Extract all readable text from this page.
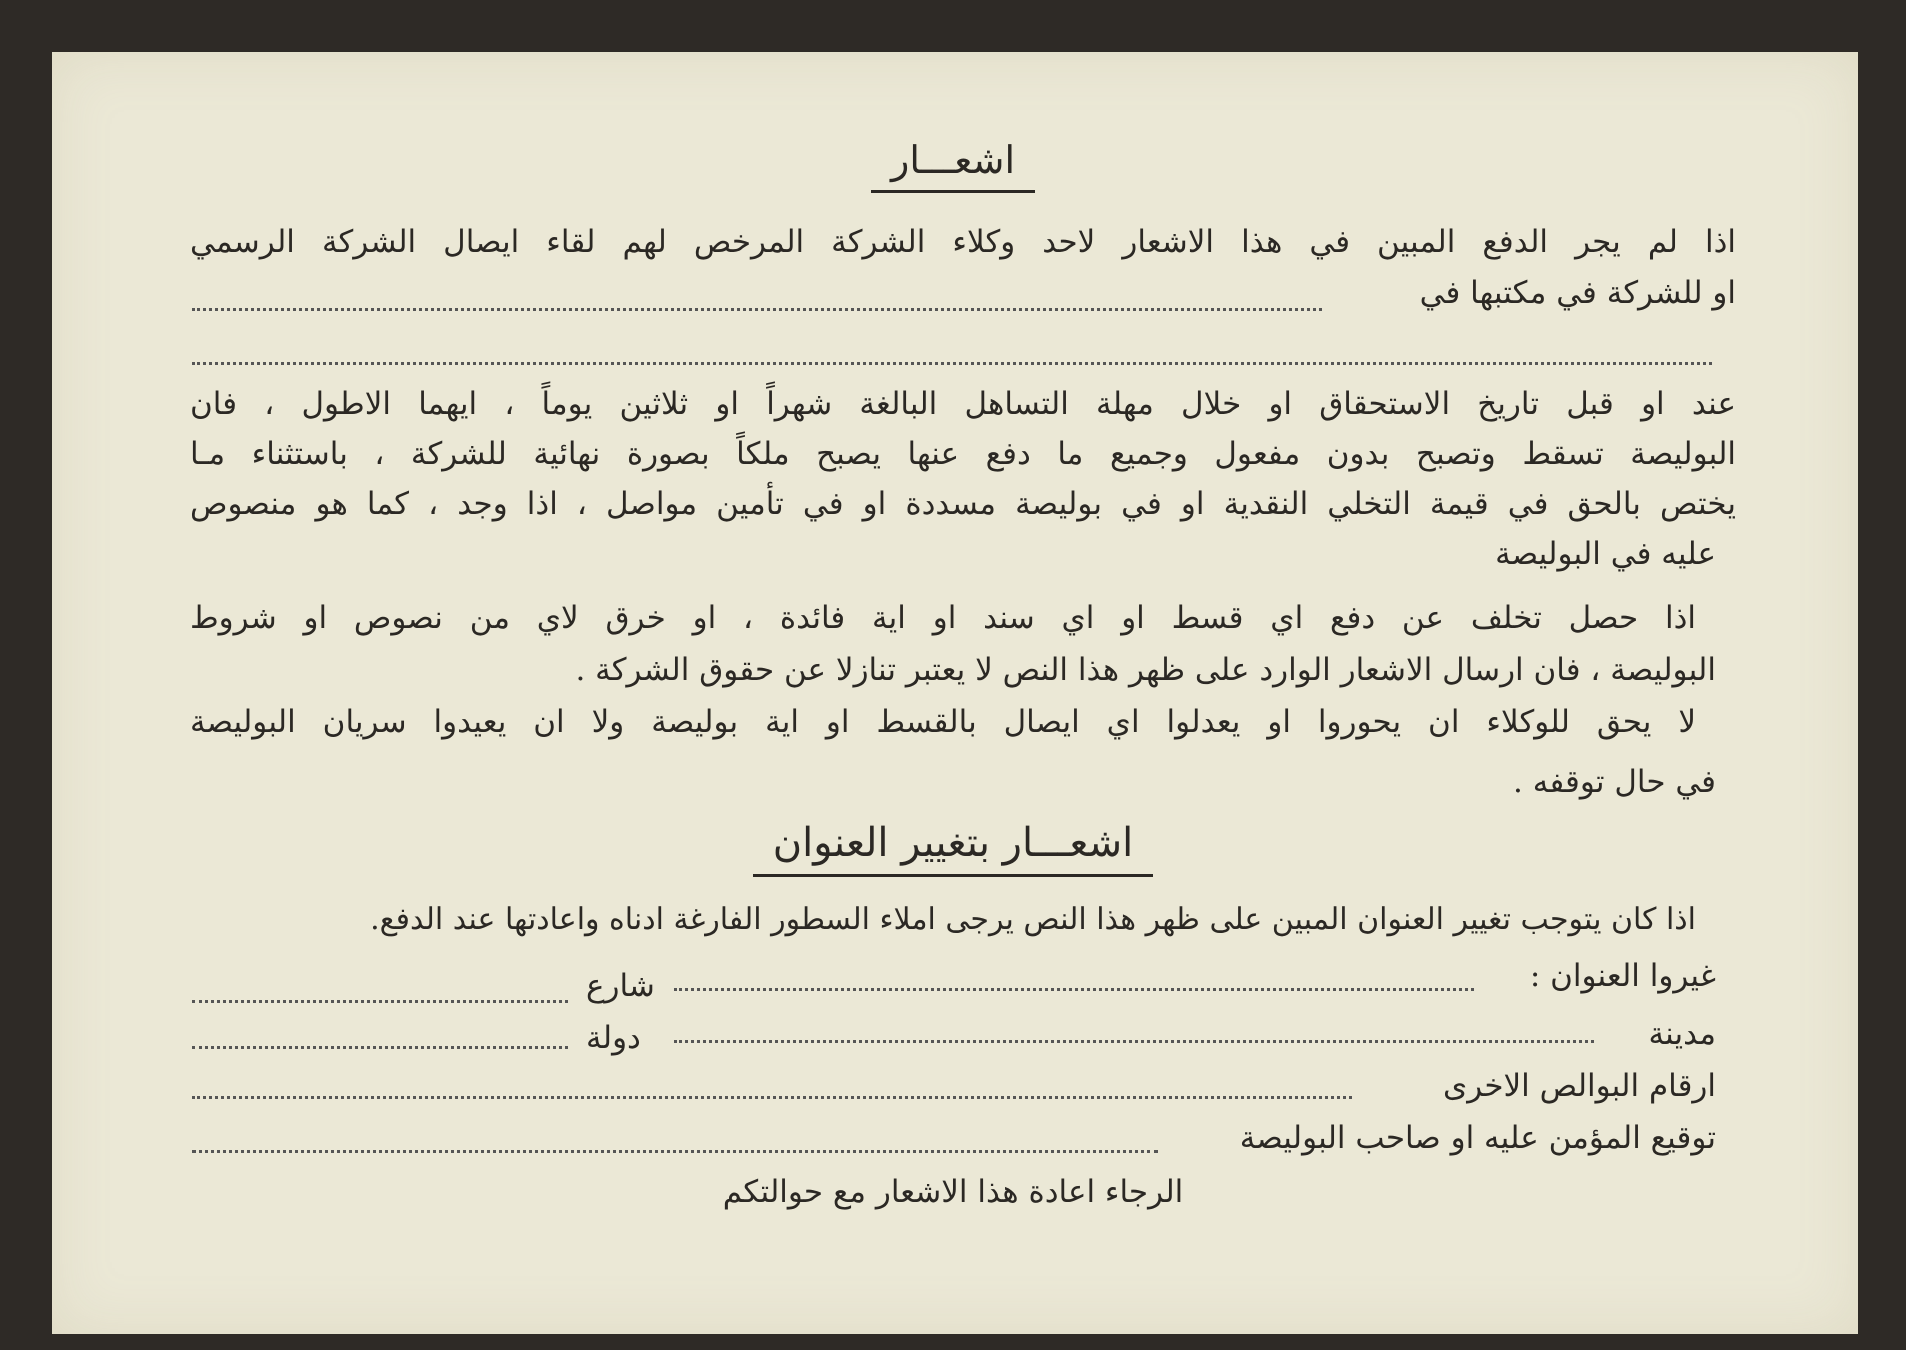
اشعـــار
اذا لم يجر الدفع المبين في هذا الاشعار لاحد وكلاء الشركة المرخص لهم لقاء ايصال الشركة الرسمي
او للشركة في مكتبها في
عند او قبل تاريخ الاستحقاق او خلال مهلة التساهل البالغة شهراً او ثلاثين يوماً ، ايهما الاطول ، فان
البوليصة تسقط وتصبح بدون مفعول وجميع ما دفع عنها يصبح ملكاً بصورة نهائية للشركة ، باستثناء مـا
يختص بالحق في قيمة التخلي النقدية او في بوليصة مسددة او في تأمين مواصل ، اذا وجد ، كما هو منصوص
عليه في البوليصة
اذا حصل تخلف عن دفع اي قسط او اي سند او اية فائدة ، او خرق لاي من نصوص او شروط
البوليصة ، فان ارسال الاشعار الوارد على ظهر هذا النص لا يعتبر تنازلا عن حقوق الشركة .
لا يحق للوكلاء ان يحوروا او يعدلوا اي ايصال بالقسط او اية بوليصة ولا ان يعيدوا سريان البوليصة
في حال توقفه .
اشعـــار بتغيير العنوان
اذا كان يتوجب تغيير العنوان المبين على ظهر هذا النص يرجى املاء السطور الفارغة ادناه واعادتها عند الدفع.
غيروا العنوان :
شارع
مدينة
دولة
ارقام البوالص الاخرى
توقيع المؤمن عليه او صاحب البوليصة
الرجاء اعادة هذا الاشعار مع حوالتكم
